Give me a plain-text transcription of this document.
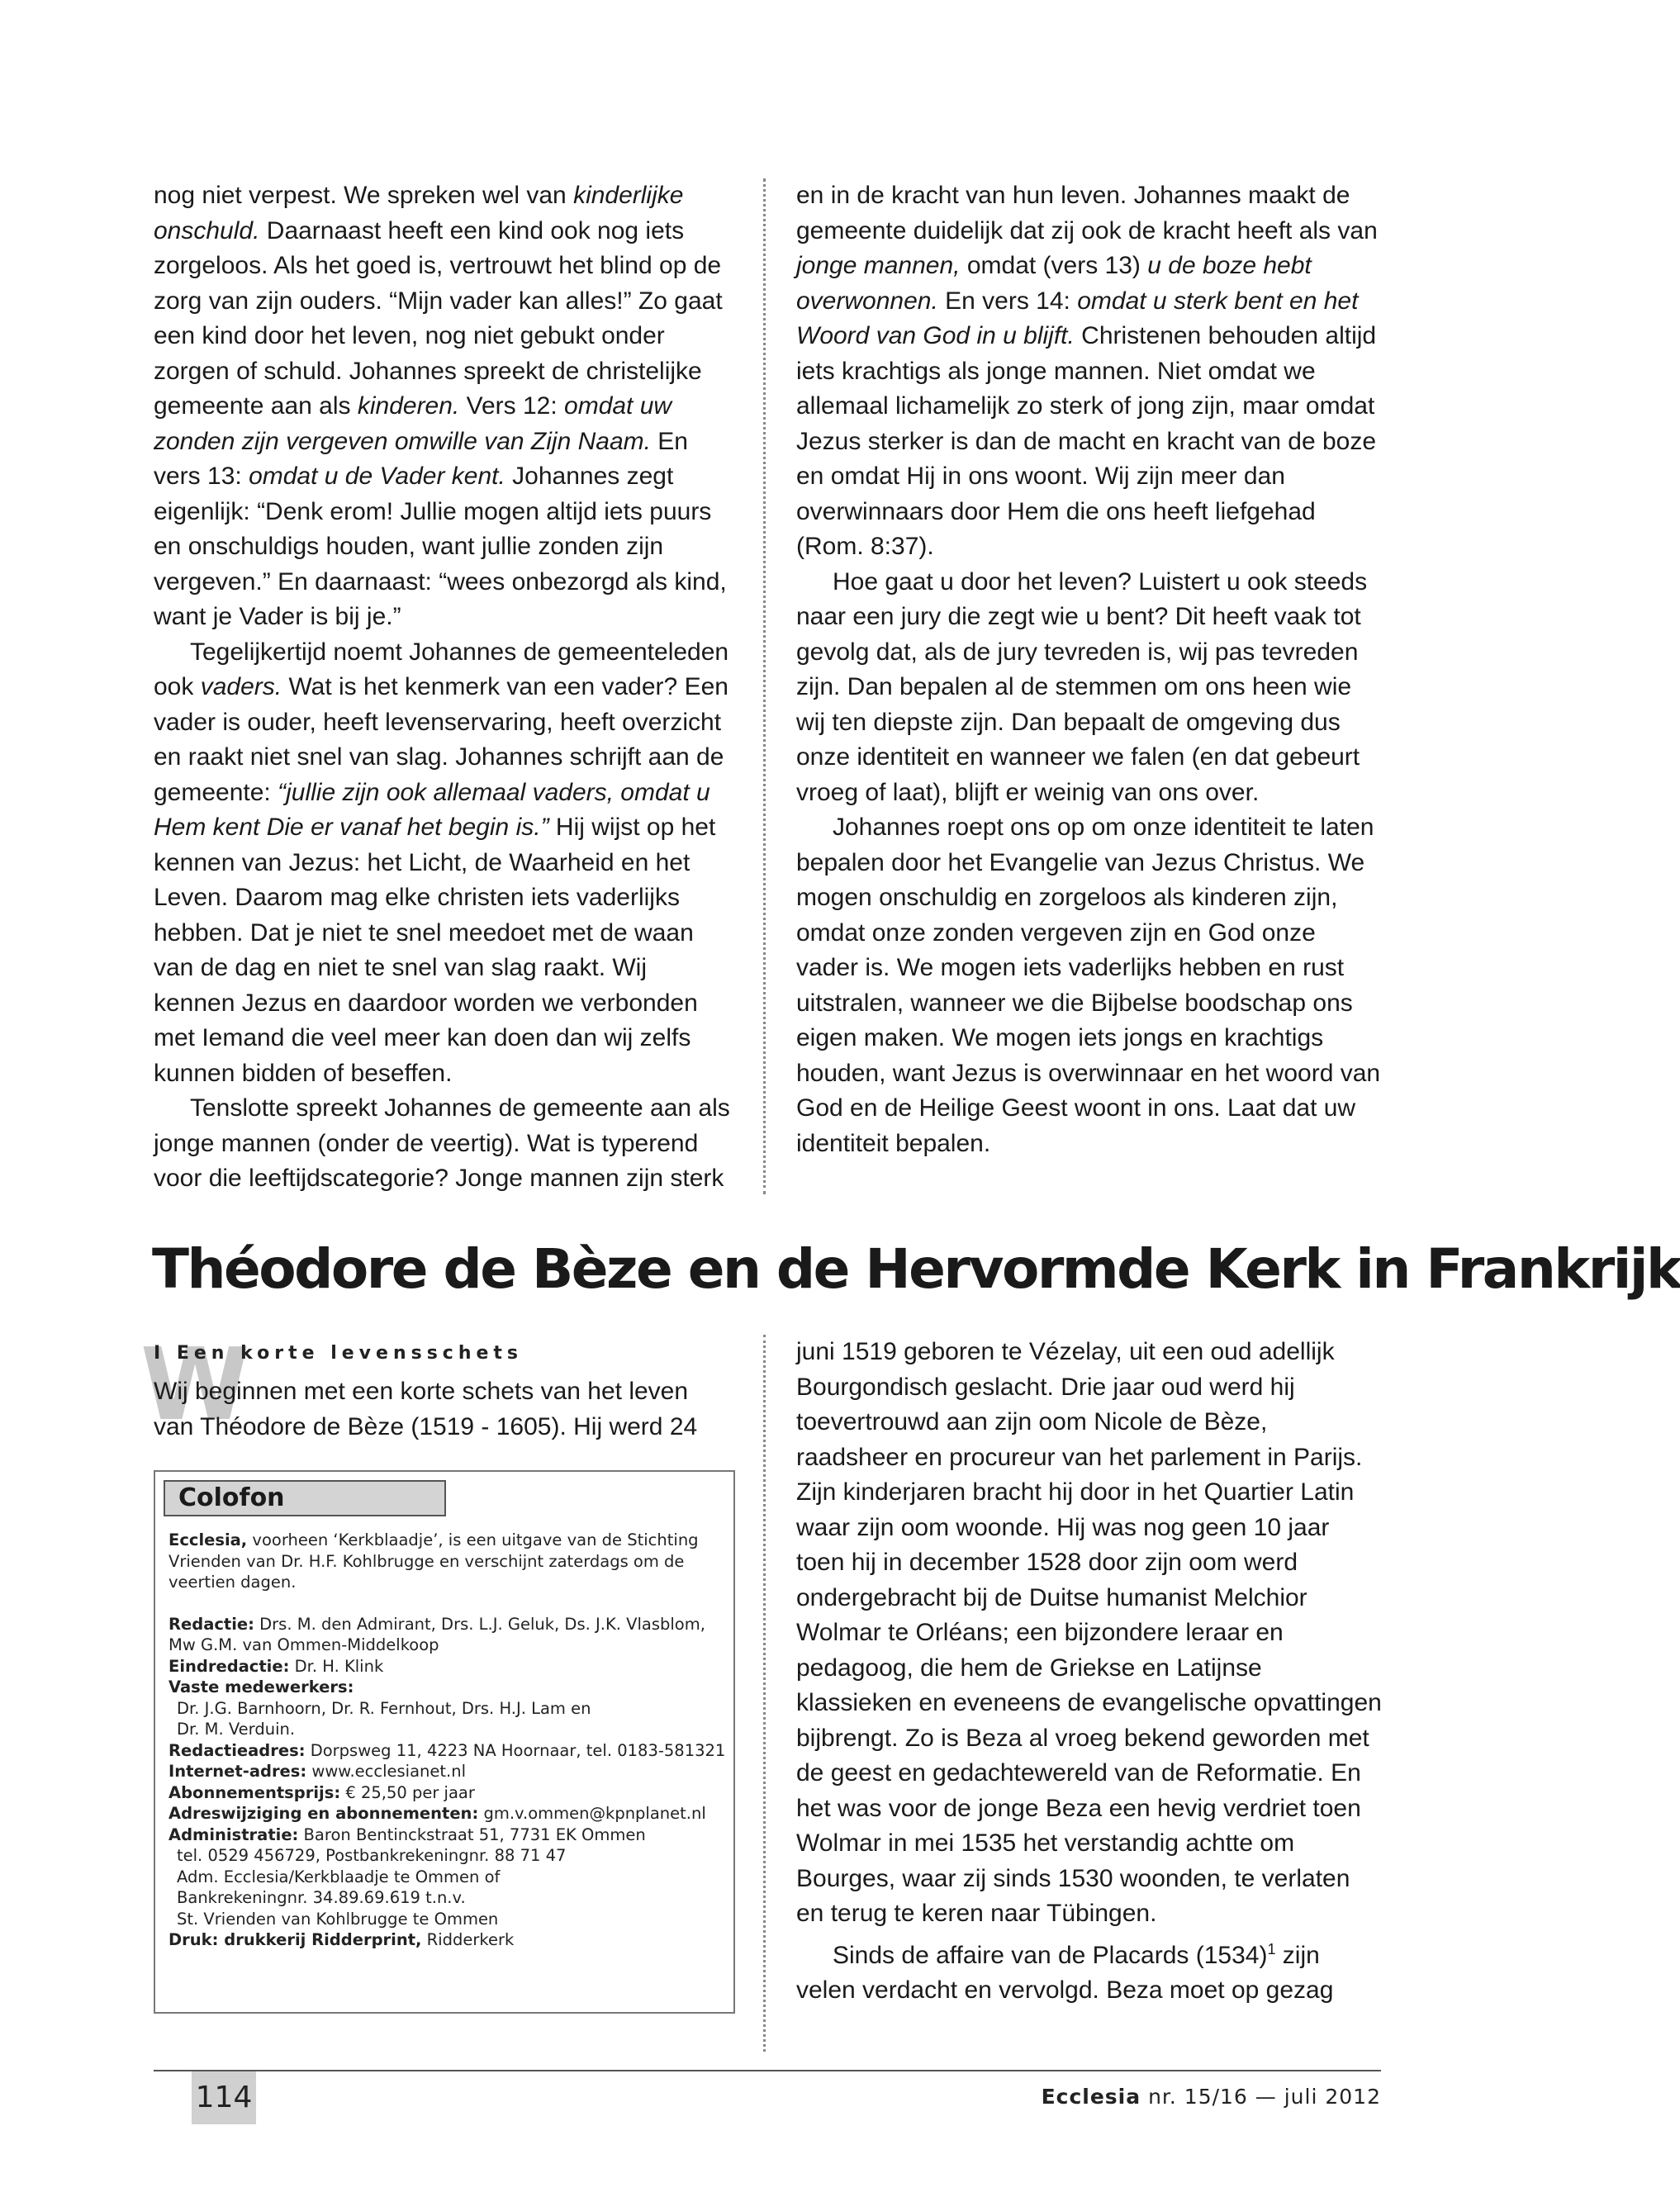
nog niet verpest. We spreken wel van kinderlijke onschuld. Daarnaast heeft een kind ook nog iets zorgeloos. Als het goed is, vertrouwt het blind op de zorg van zijn ouders. “Mijn vader kan alles!” Zo gaat een kind door het leven, nog niet gebukt onder zorgen of schuld. Johannes spreekt de christelijke gemeente aan als kinderen. Vers 12: omdat uw zonden zijn vergeven omwille van Zijn Naam. En vers 13: omdat u de Vader kent. Johannes zegt eigenlijk: “Denk erom! Jullie mogen altijd iets puurs en onschuldigs houden, want jullie zonden zijn vergeven.” En daarnaast: “wees onbezorgd als kind, want je Vader is bij je.”

Tegelijkertijd noemt Johannes de gemeenteleden ook vaders. Wat is het kenmerk van een vader? Een vader is ouder, heeft levenservaring, heeft overzicht en raakt niet snel van slag. Johannes schrijft aan de gemeente: “jullie zijn ook allemaal vaders, omdat u Hem kent Die er vanaf het begin is.” Hij wijst op het kennen van Jezus: het Licht, de Waarheid en het Leven. Daarom mag elke christen iets vaderlijks hebben. Dat je niet te snel meedoet met de waan van de dag en niet te snel van slag raakt. Wij kennen Jezus en daardoor worden we verbonden met Iemand die veel meer kan doen dan wij zelfs kunnen bidden of beseffen.

Tenslotte spreekt Johannes de gemeente aan als jonge mannen (onder de veertig). Wat is typerend voor die leeftijdscategorie? Jonge mannen zijn sterk

en in de kracht van hun leven. Johannes maakt de gemeente duidelijk dat zij ook de kracht heeft als van jonge mannen, omdat (vers 13) u de boze hebt overwonnen. En vers 14: omdat u sterk bent en het Woord van God in u blijft. Christenen behouden altijd iets krachtigs als jonge mannen. Niet omdat we allemaal lichamelijk zo sterk of jong zijn, maar omdat Jezus sterker is dan de macht en kracht van de boze en omdat Hij in ons woont. Wij zijn meer dan overwinnaars door Hem die ons heeft liefgehad (Rom. 8:37).

Hoe gaat u door het leven? Luistert u ook steeds naar een jury die zegt wie u bent? Dit heeft vaak tot gevolg dat, als de jury tevreden is, wij pas tevreden zijn. Dan bepalen al de stemmen om ons heen wie wij ten diepste zijn. Dan bepaalt de omgeving dus onze identiteit en wanneer we falen (en dat gebeurt vroeg of laat), blijft er weinig van ons over.

Johannes roept ons op om onze identiteit te laten bepalen door het Evangelie van Jezus Christus. We mogen onschuldig en zorgeloos als kinderen zijn, omdat onze zonden vergeven zijn en God onze vader is. We mogen iets vaderlijks hebben en rust uitstralen, wanneer we die Bijbelse boodschap ons eigen maken. We mogen iets jongs en krachtigs houden, want Jezus is overwinnaar en het woord van God en de Heilige Geest woont in ons. Laat dat uw identiteit bepalen.

Théodore de Bèze en de Hervormde Kerk in Frankrijk
W
I Een korte levensschets

Wij beginnen met een korte schets van het leven van Théodore de Bèze (1519 - 1605). Hij werd 24

Colofon

Ecclesia, voorheen ‘Kerkblaadje’, is een uitgave van de Stichting Vrienden van Dr. H.F. Kohlbrugge en verschijnt zaterdags om de veertien dagen.

Redactie: Drs. M. den Admirant, Drs. L.J. Geluk, Ds. J.K. Vlasblom, Mw G.M. van Ommen-Middelkoop

Eindredactie: Dr. H. Klink

Vaste medewerkers:

Dr. J.G. Barnhoorn, Dr. R. Fernhout, Drs. H.J. Lam en

Dr. M. Verduin.

Redactieadres: Dorpsweg 11, 4223 NA Hoornaar, tel. 0183-581321

Internet-adres: www.ecclesianet.nl

Abonnementsprijs: € 25,50 per jaar

Adreswijziging en abonnementen: gm.v.ommen@kpnplanet.nl

Administratie: Baron Bentinckstraat 51, 7731 EK Ommen

tel. 0529 456729, Postbankrekeningnr. 88 71 47

Adm. Ecclesia/Kerkblaadje te Ommen of

Bankrekeningnr. 34.89.69.619 t.n.v.

St. Vrienden van Kohlbrugge te Ommen

Druk: drukkerij Ridderprint, Ridderkerk

juni 1519 geboren te Vézelay, uit een oud adellijk Bourgondisch geslacht. Drie jaar oud werd hij toevertrouwd aan zijn oom Nicole de Bèze, raadsheer en procureur van het parlement in Parijs. Zijn kinderjaren bracht hij door in het Quartier Latin waar zijn oom woonde. Hij was nog geen 10 jaar toen hij in december 1528 door zijn oom werd ondergebracht bij de Duitse humanist Melchior Wolmar te Orléans; een bijzondere leraar en pedagoog, die hem de Griekse en Latijnse klassieken en eveneens de evangelische opvattingen bijbrengt. Zo is Beza al vroeg bekend geworden met de geest en gedachtewereld van de Reformatie. En het was voor de jonge Beza een hevig verdriet toen Wolmar in mei 1535 het verstandig achtte om Bourges, waar zij sinds 1530 woonden, te verlaten en terug te keren naar Tübingen.

Sinds de affaire van de Placards $(1534)^1$ zijn velen verdacht en vervolgd. Beza moet op gezag

114	Ecclesia nr. 15/16 — juli 2012
